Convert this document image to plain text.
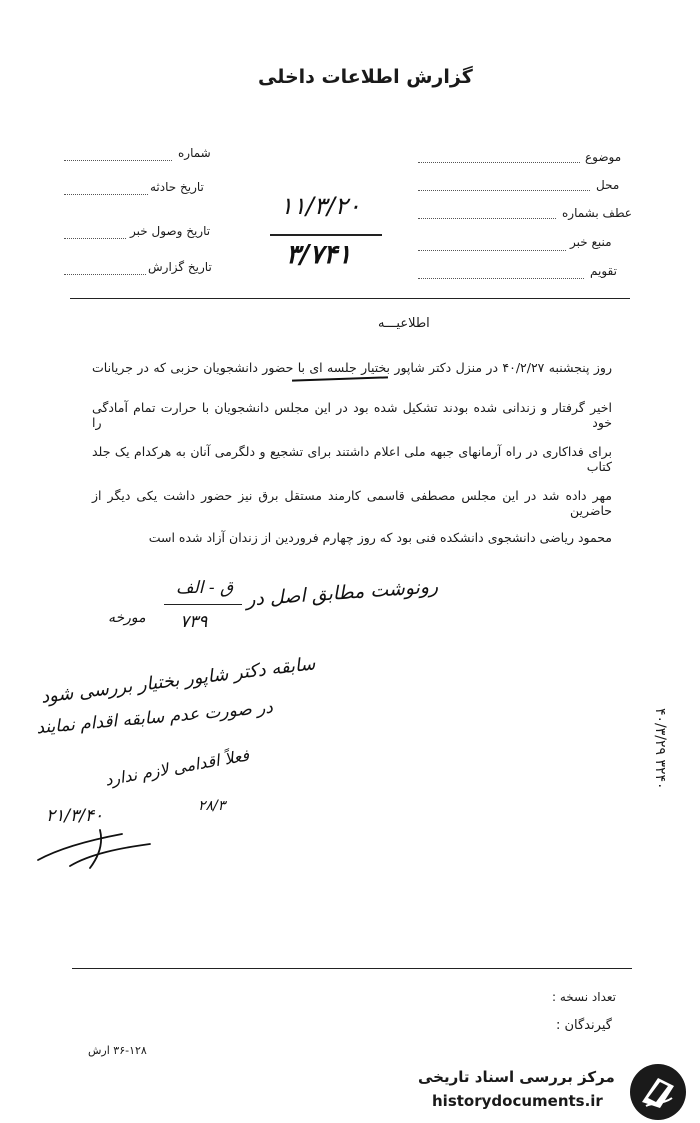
گزارش اطلاعات داخلی
شماره
تاریخ حادثه
تاریخ وصول خبر
تاریخ گزارش
موضوع
محل
عطف بشماره
منبع خبر
تقویم
۱۱/۳/۲۰
۳/۷۴۱
اطلاعیـــه
روز پنجشنبه ۴۰/۲/۲۷ در منزل دکتر شاپور بختیار جلسه ای با حضور دانشجویان حزبی که در جریانات
اخیر گرفتار و زندانی شده بودند تشکیل شده بود در این مجلس دانشجویان با حرارت تمام آمادگی خود را
برای فداکاری در راه آرمانهای جبهه ملی اعلام داشتند برای تشجیع و دلگرمی آنان به هرکدام یک جلد کتاب
مهر داده شد در این مجلس مصطفی قاسمی کارمند مستقل برق نیز حضور داشت یکی دیگر از حاضرین
محمود ریاضی دانشجوی دانشکده فنی بود که روز چهارم فروردین از زندان آزاد شده است
رونوشت مطابق اصل در
ق - الف
۷۳۹
مورخه
سابقه دکتر شاپور بختیار بررسی شود
در صورت عدم سابقه اقدام نمایند
فعلاً اقدامی لازم ندارد
۲۸/۳
۲۱/۳/۴۰
۴۰/۳/۲۹ ۳۲۴۰
تعداد نسخه :
گیرندگان :
۳۶-۱۲۸ ارش
مرکز بررسی اسناد تاریخی
historydocuments.ir
